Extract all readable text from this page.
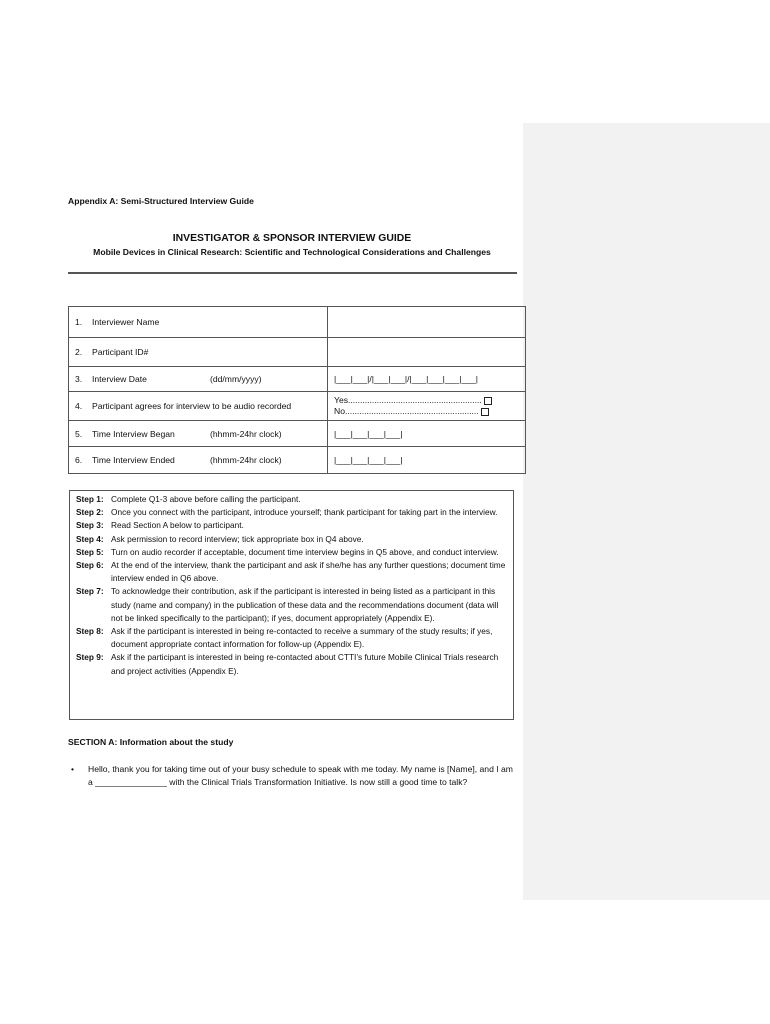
Appendix A: Semi-Structured Interview Guide
INVESTIGATOR & SPONSOR INTERVIEW GUIDE
Mobile Devices in Clinical Research: Scientific and Technological Considerations and Challenges
1. Interviewer Name	
2. Participant ID#	
3. Interview Date (dd/mm/yyyy)	|___|___|/|___|___|/|___|___|___|___|
4. Participant agrees for interview to be audio recorded	Yes........................................................
No........................................................

5. Time Interview Began (hhmm-24hr clock)	|___|___|___|___|
6. Time Interview Ended (hhmm-24hr clock)	|___|___|___|___|
Step 1: Complete Q1-3 above before calling the participant.
Step 2: Once you connect with the participant, introduce yourself; thank participant for taking part in the interview.
Step 3: Read Section A below to participant.
Step 4: Ask permission to record interview; tick appropriate box in Q4 above.
Step 5: Turn on audio recorder if acceptable, document time interview begins in Q5 above, and conduct interview.
Step 6: At the end of the interview, thank the participant and ask if she/he has any further questions; document time interview ended in Q6 above.
Step 7: To acknowledge their contribution, ask if the participant is interested in being listed as a participant in this study (name and company) in the publication of these data and the recommendations document (data will not be linked specifically to the participant); if yes, document appropriately (Appendix E).
Step 8: Ask if the participant is interested in being re-contacted to receive a summary of the study results; if yes, document appropriate contact information for follow-up (Appendix E).
Step 9: Ask if the participant is interested in being re-contacted about CTTI’s future Mobile Clinical Trials research and project activities (Appendix E).
SECTION A: Information about the study
•	Hello, thank you for taking time out of your busy schedule to speak with me today. My name is [Name], and I am a _______________ with the Clinical Trials Transformation Initiative. Is now still a good time to talk?
